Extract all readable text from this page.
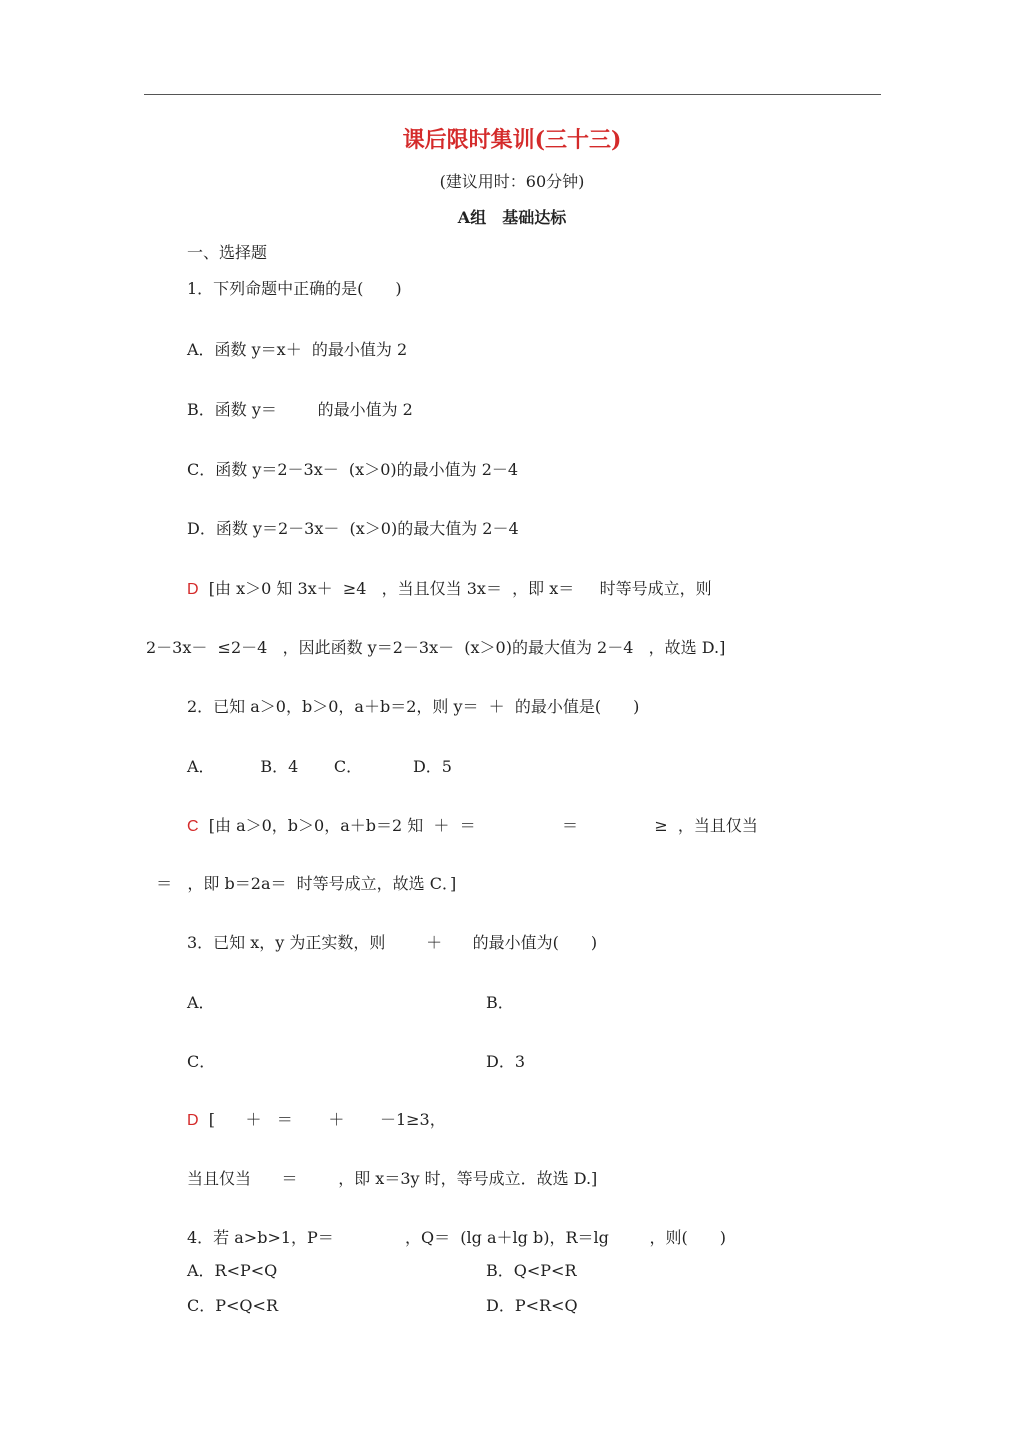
课后限时集训(三十三)
(建议用时：60分钟)
A组　基础达标
一、选择题
1．下列命题中正确的是(　　)
A．函数 y＝x＋  的最小值为 2
B．函数 y＝        的最小值为 2
C．函数 y＝2－3x－  (x＞0)的最小值为 2－4
D．函数 y＝2－3x－  (x＞0)的最大值为 2－4
D [由 x＞0 知 3x＋  ≥4   ，当且仅当 3x＝  ，即 x＝     时等号成立，则
2－3x－  ≤2－4   ，因此函数 y＝2－3x－  (x＞0)的最大值为 2－4   ，故选 D.]
2．已知 a＞0，b＞0，a＋b＝2，则 y＝  ＋  的最小值是(　　)
A．         B．4       C．          D．5
C [由 a＞0，b＞0，a＋b＝2 知  ＋  ＝                 ＝               ≥  ，当且仅当
＝   ，即 b＝2a＝  时等号成立，故选 C．]
3．已知 x，y 为正实数，则        ＋      的最小值为(　　)
A．	B．
C．	D．3
D [      ＋   ＝       ＋       －1≥3，
当且仅当      ＝        ，即 x＝3y 时，等号成立．故选 D.]
4．若 a>b>1，P＝              ，Q＝  (lg a＋lg b)，R＝lg        ，则(　　)
A．R<P<Q	B．Q<P<R
C．P<Q<R	D．P<R<Q
